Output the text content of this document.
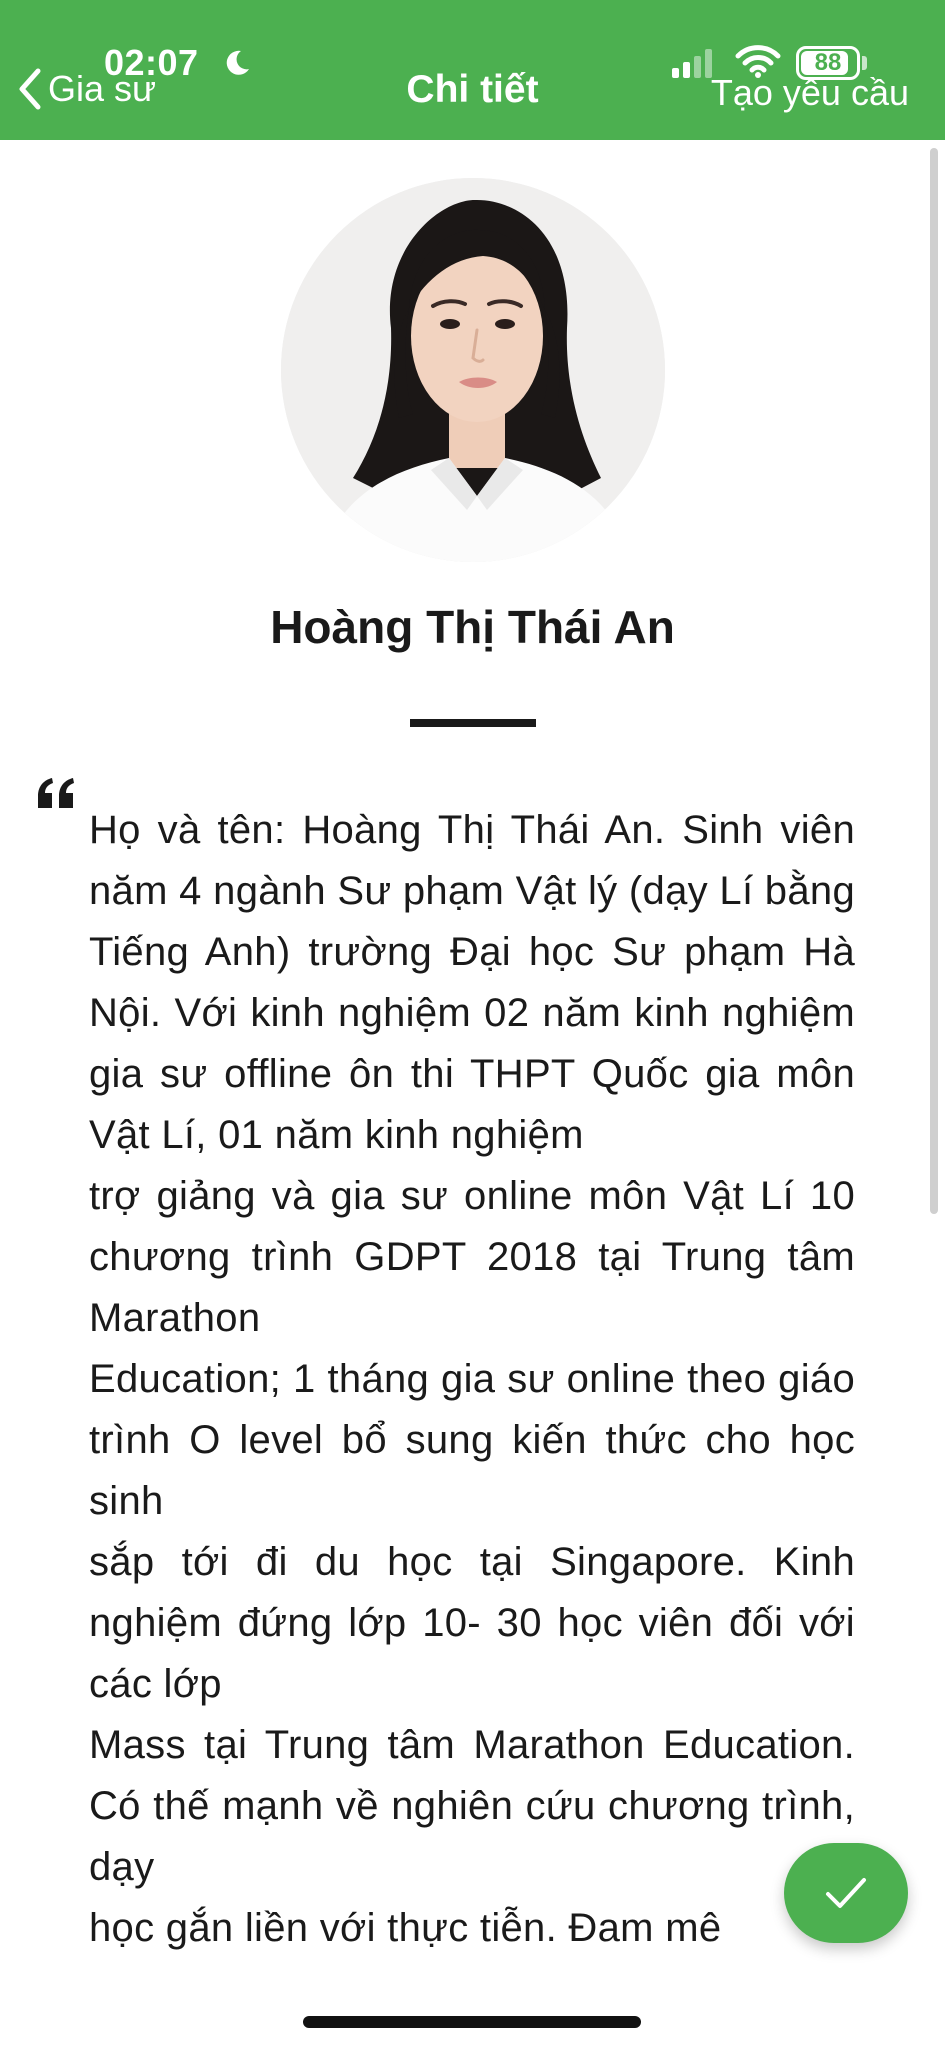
02:07
Gia sư	Chi tiết
88
Tạo yêu cầu
Hoàng Thị Thái An

Họ và tên: Hoàng Thị Thái An. Sinh viên năm 4 ngành Sư phạm Vật lý (dạy Lí bằng Tiếng Anh) trường Đại học Sư phạm Hà Nội. Với kinh nghiệm 02 năm kinh nghiệm gia sư offline ôn thi THPT Quốc gia môn Vật Lí, 01 năm kinh nghiệm

trợ giảng và gia sư online môn Vật Lí 10 chương trình GDPT 2018 tại Trung tâm Marathon

Education; 1 tháng gia sư online theo giáo trình O level bổ sung kiến thức cho học sinh

sắp tới đi du học tại Singapore. Kinh nghiệm đứng lớp 10- 30 học viên đối với các lớp

Mass tại Trung tâm Marathon Education. Có thế mạnh về nghiên cứu chương trình, dạy

học gắn liền với thực tiễn. Đam mê
